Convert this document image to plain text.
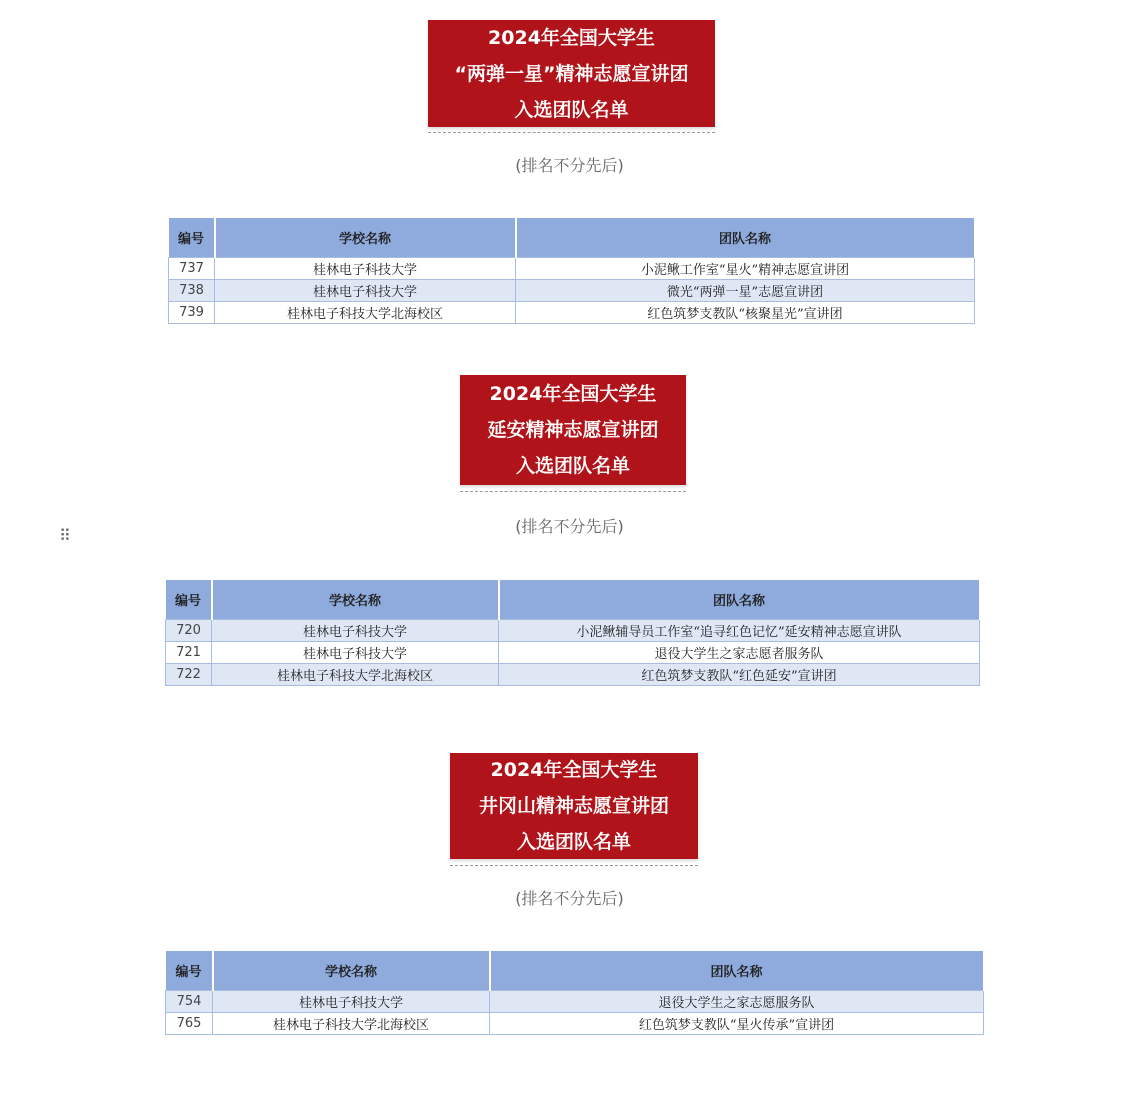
⠿
2024年全国大学生
“两弹一星”精神志愿宣讲团
入选团队名单
(排名不分先后)
编号	学校名称	团队名称
737	桂林电子科技大学	小泥鳅工作室“星火”精神志愿宣讲团
738	桂林电子科技大学	微光“两弹一星”志愿宣讲团
739	桂林电子科技大学北海校区	红色筑梦支教队“核聚星光”宣讲团
2024年全国大学生
延安精神志愿宣讲团
入选团队名单
(排名不分先后)
编号	学校名称	团队名称
720	桂林电子科技大学	小泥鳅辅导员工作室“追寻红色记忆”延安精神志愿宣讲队
721	桂林电子科技大学	退役大学生之家志愿者服务队
722	桂林电子科技大学北海校区	红色筑梦支教队“红色延安”宣讲团
2024年全国大学生
井冈山精神志愿宣讲团
入选团队名单
(排名不分先后)
编号	学校名称	团队名称
754	桂林电子科技大学	退役大学生之家志愿服务队
765	桂林电子科技大学北海校区	红色筑梦支教队“星火传承”宣讲团
